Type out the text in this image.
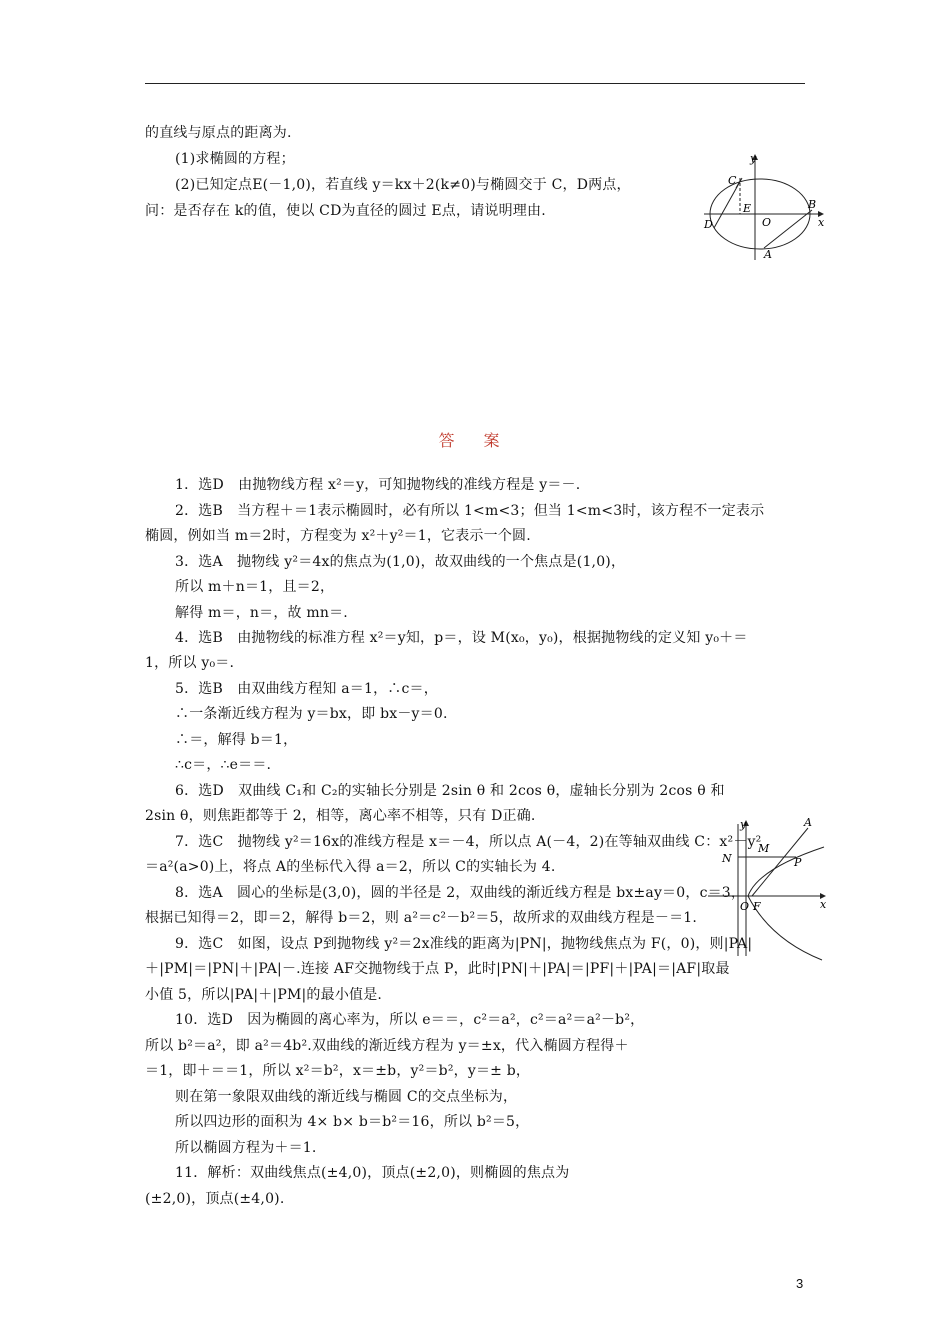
的直线与原点的距离为.
(1)求椭圆的方程；
(2)已知定点E(－1,0)，若直线 y＝kx＋2(k≠0)与椭圆交于 C，D两点，
问：是否存在 k的值，使以 CD为直径的圆过 E点，请说明理由.
y
x
C
B
E
O
D
A
答 案
1．选D　由抛物线方程 x²＝y，可知抛物线的准线方程是 y＝－.
2．选B　当方程＋＝1表示椭圆时，必有所以 1<m<3；但当 1<m<3时，该方程不一定表示
椭圆，例如当 m＝2时，方程变为 x²＋y²＝1，它表示一个圆.
3．选A　抛物线 y²＝4x的焦点为(1,0)，故双曲线的一个焦点是(1,0)，
所以 m＋n＝1，且＝2，
解得 m＝，n＝，故 mn＝.
4．选B　由抛物线的标准方程 x²＝y知，p＝，设 M(x₀，y₀)，根据抛物线的定义知 y₀＋＝
1，所以 y₀＝.
5．选B　由双曲线方程知 a＝1，∴c＝，
∴一条渐近线方程为 y＝bx，即 bx－y＝0.
∴＝，解得 b＝1，
∴c＝，∴e＝＝.
6．选D　双曲线 C₁和 C₂的实轴长分别是 2sin θ 和 2cos θ，虚轴长分别为 2cos θ 和
2sin θ，则焦距都等于 2，相等，离心率不相等，只有 D正确.
7．选C　抛物线 y²＝16x的准线方程是 x＝－4，所以点 A(－4，2)在等轴双曲线 C：x²－y²
＝a²(a>0)上，将点 A的坐标代入得 a＝2，所以 C的实轴长为 4.
8．选A　圆心的坐标是(3,0)，圆的半径是 2，双曲线的渐近线方程是 bx±ay＝0，c＝3，
根据已知得＝2，即＝2，解得 b＝2，则 a²＝c²－b²＝5，故所求的双曲线方程是－＝1.
9．选C　如图，设点 P到抛物线 y²＝2x准线的距离为|PN|，抛物线焦点为 F(，0)，则|PA|
＋|PM|＝|PN|＋|PA|－.连接 AF交抛物线于点 P，此时|PN|＋|PA|＝|PF|＋|PA|＝|AF|取最
小值 5，所以|PA|＋|PM|的最小值是.
10．选D　因为椭圆的离心率为，所以 e＝＝，c²＝a²，c²＝a²＝a²－b²，
所以 b²＝a²，即 a²＝4b².双曲线的渐近线方程为 y＝±x，代入椭圆方程得＋
＝1，即＋＝＝1，所以 x²＝b²，x＝±b，y²＝b²，y＝± b，
则在第一象限双曲线的渐近线与椭圆 C的交点坐标为，
所以四边形的面积为 4× b× b＝b²＝16，所以 b²＝5，
所以椭圆方程为＋＝1.
11．解析：双曲线焦点(±4,0)，顶点(±2,0)，则椭圆的焦点为
(±2,0)，顶点(±4,0).
y	A
N
M
P
O F	x
3
